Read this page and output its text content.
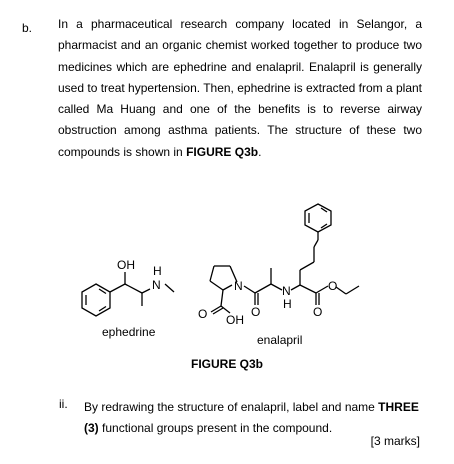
b. In a pharmaceutical research company located in Selangor, a pharmacist and an organic chemist worked together to produce two medicines which are ephedrine and enalapril. Enalapril is generally used to treat hypertension. Then, ephedrine is extracted from a plant called Ma Huang and one of the benefits is to reverse airway obstruction among asthma patients. The structure of these two compounds is shown in FIGURE Q3b.
OH H
N
ephedrine
N
O OH
O
N
H
O
O
enalapril
FIGURE Q3b
ii. By redrawing the structure of enalapril, label and name THREE (3) functional groups present in the compound.
[3 marks]
